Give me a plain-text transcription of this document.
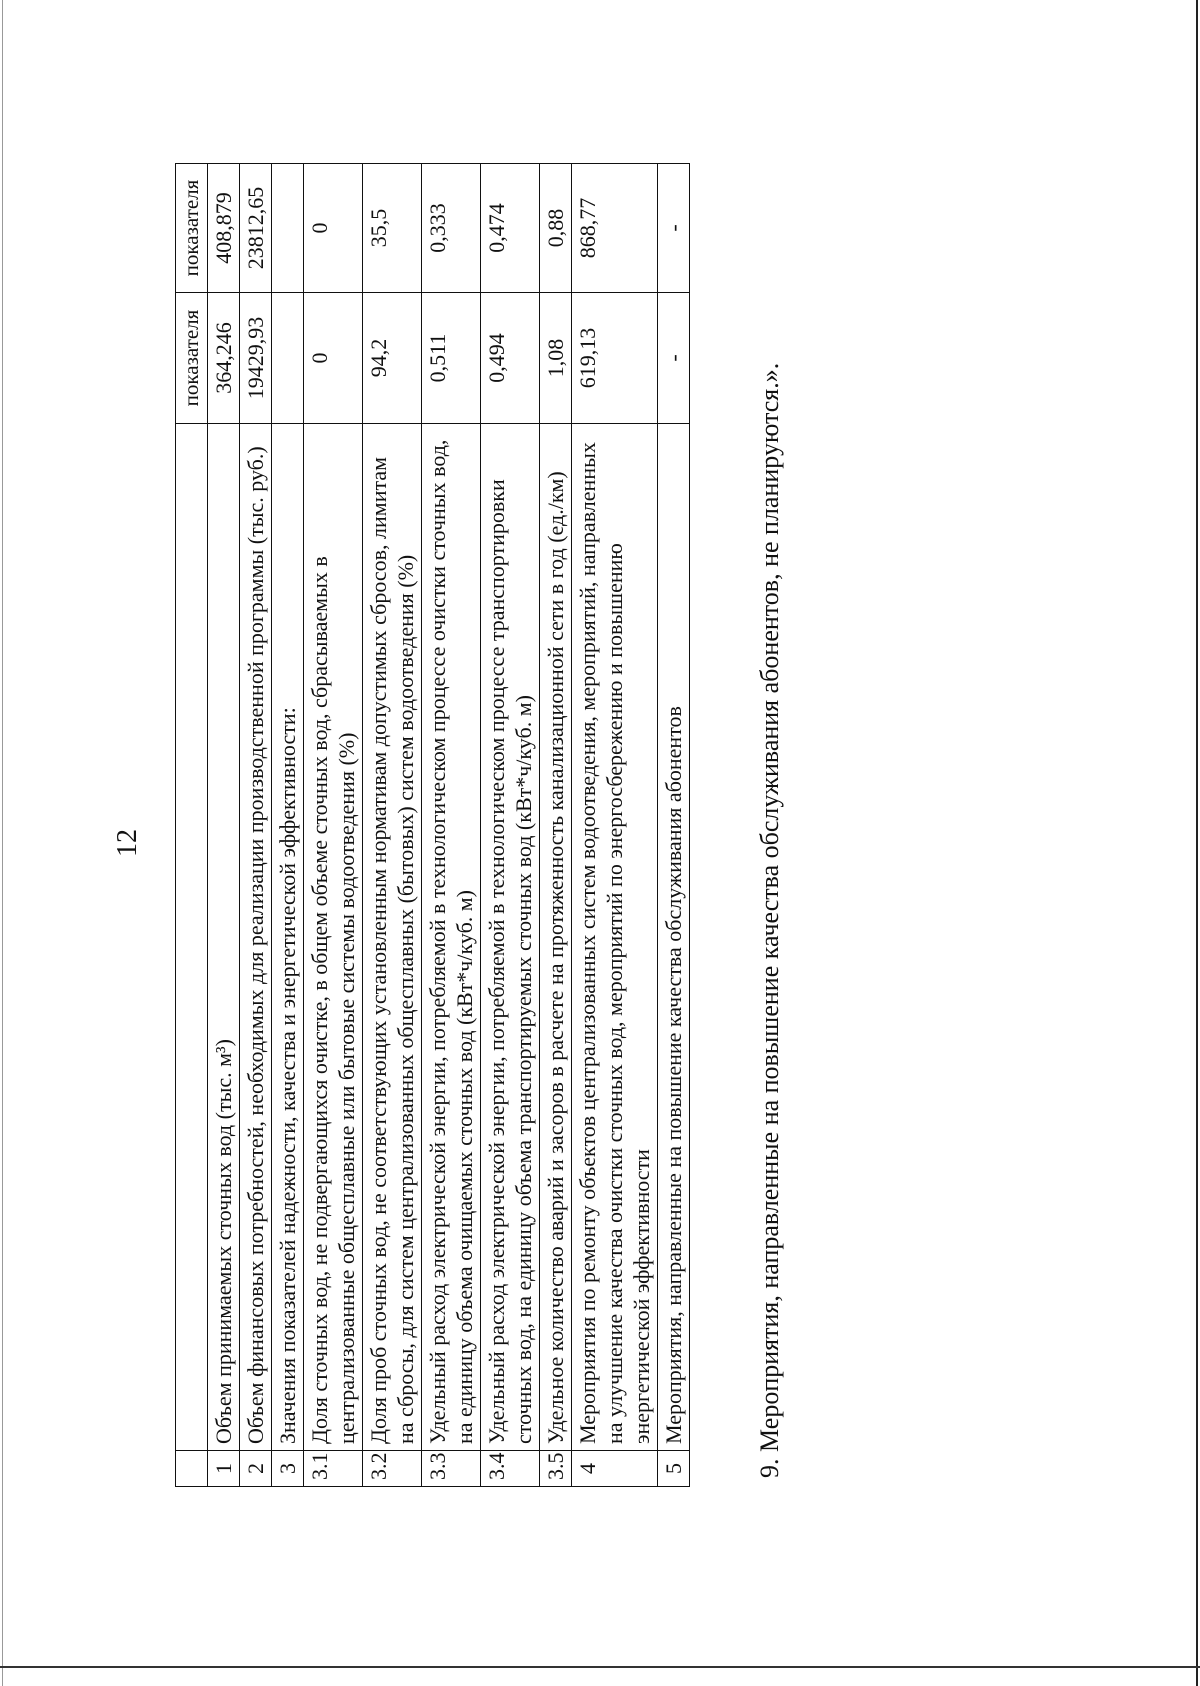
12
		показателя	показателя
1	Объем принимаемых сточных вод (тыс. м³)	364,246	408,879
2	Объем финансовых потребностей, необходимых для реализации производственной программы (тыс. руб.)	19429,93	23812,65
3	Значения показателей надежности, качества и энергетической эффективности:		
3.1	Доля сточных вод, не подвергающихся очистке, в общем объеме сточных вод, сбрасываемых в централизованные общесплавные или бытовые системы водоотведения (%)	0	0
3.2	Доля проб сточных вод, не соответствующих установленным нормативам допустимых сбросов, лимитам на сбросы, для систем централизованных общесплавных (бытовых) систем водоотведения (%)	94,2	35,5
3.3	Удельный расход электрической энергии, потребляемой в технологическом процессе очистки сточных вод, на единицу объема очищаемых сточных вод (кВт*ч/куб. м)	0,511	0,333
3.4	Удельный расход электрической энергии, потребляемой в технологическом процессе транспортировки сточных вод, на единицу объема транспортируемых сточных вод (кВт*ч/куб. м)	0,494	0,474
3.5	Удельное количество аварий и засоров в расчете на протяженность канализационной сети в год (ед./км)	1,08	0,88
4	Мероприятия по ремонту объектов централизованных систем водоотведения, мероприятий, направленных на улучшение качества очистки сточных вод, мероприятий по энергосбережению и повышению энергетической эффективности	619,13	868,77
5	Мероприятия, направленные на повышение качества обслуживания абонентов	-	-
9. Мероприятия, направленные на повышение качества обслуживания абонентов, не планируются.».
